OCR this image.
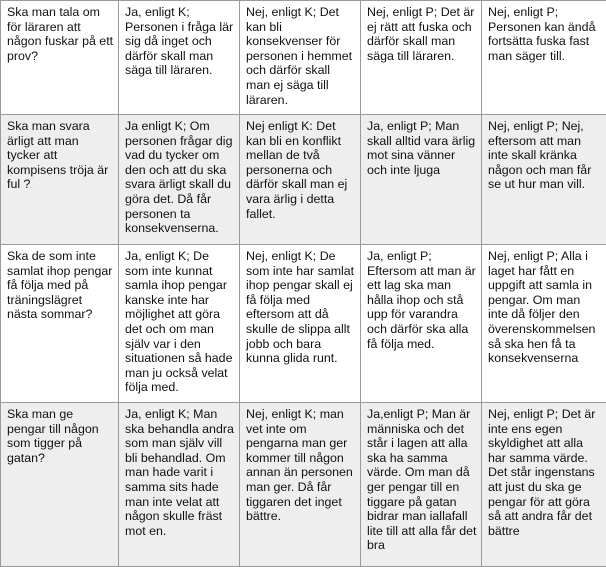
Ska man tala om för läraren att någon fuskar på ett prov?	Ja, enligt K; Personen i fråga lär sig då inget och därför skall man säga till läraren.	Nej, enligt K; Det kan bli konsekvenser för personen i hemmet och därför skall man ej säga till läraren.	Nej, enligt P; Det är ej rätt att fuska och därför skall man säga till läraren.	Nej, enligt P; Personen kan ändå fortsätta fuska fast man säger till.
Ska man svara ärligt att man tycker att kompisens tröja är ful ?	Ja enligt K; Om personen frågar dig vad du tycker om den och att du ska svara ärligt skall du göra det. Då får personen ta konsekvenserna.	Nej enligt K: Det kan bli en konflikt mellan de två personerna och därför skall man ej vara ärlig i detta fallet.	Ja, enligt P; Man skall alltid vara ärlig mot sina vänner och inte ljuga	Nej, enligt P; Nej, eftersom att man inte skall kränka någon och man får se ut hur man vill.
Ska de som inte samlat ihop pengar få följa med på träningslägret nästa sommar?	Ja, enligt K; De som inte kunnat samla ihop pengar kanske inte har möjlighet att göra det och om man själv var i den situationen så hade man ju också velat följa med.	Nej, enligt K; De som inte har samlat ihop pengar skall ej få följa med eftersom att då skulle de slippa allt jobb och bara kunna glida runt.	Ja, enligt P; Eftersom att man är ett lag ska man hålla ihop och stå upp för varandra och därför ska alla få följa med.	Nej, enligt P; Alla i laget har fått en uppgift att samla in pengar. Om man inte då följer den överenskommelsen så ska hen få ta konsekvenserna
Ska man ge pengar till någon som tigger på gatan?	Ja, enligt K; Man ska behandla andra som man själv vill bli behandlad. Om man hade varit i samma sits hade man inte velat att någon skulle fräst mot en.	Nej, enligt K; man vet inte om pengarna man ger kommer till någon annan än personen man ger. Då får tiggaren det inget bättre.	Ja,enligt P; Man är människa och det står i lagen att alla ska ha samma värde. Om man då ger pengar till en tiggare på gatan bidrar man iallafall lite till att alla får det bra	Nej, enligt P; Det är inte ens egen skyldighet att alla har samma värde. Det står ingenstans att just du ska ge pengar för att göra så att andra får det bättre
